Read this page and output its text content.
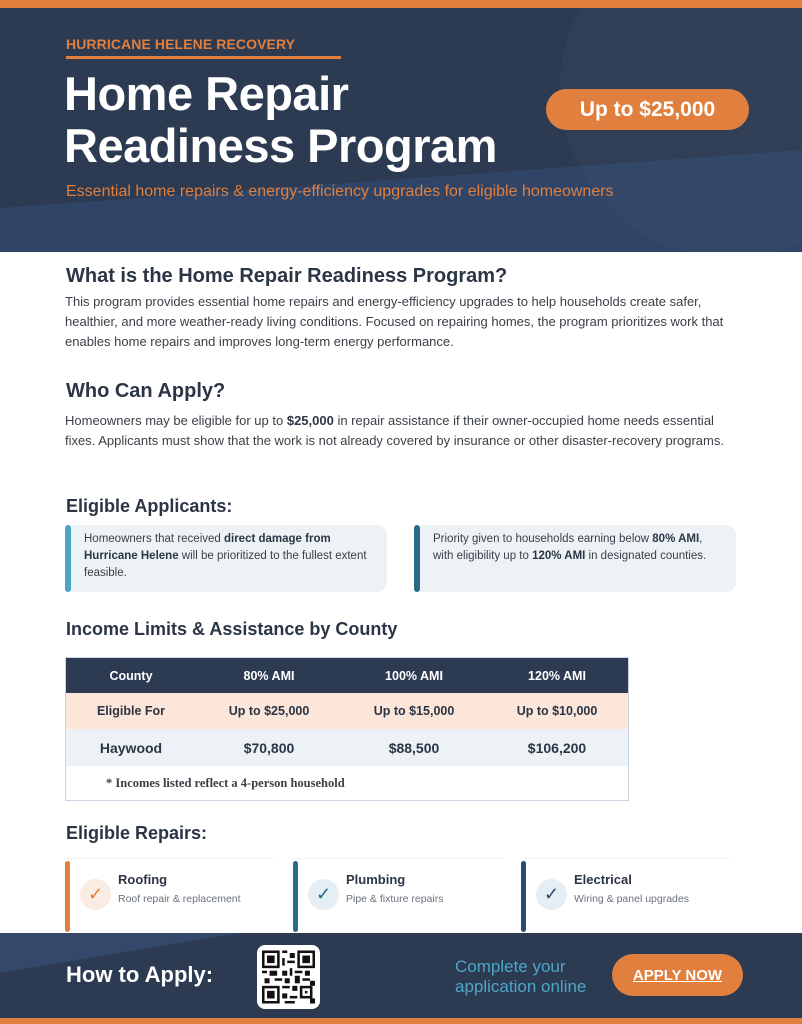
HURRICANE HELENE RECOVERY
Home Repair
Readiness Program
Up to $25,000
Essential home repairs & energy-efficiency upgrades for eligible homeowners
What is the Home Repair Readiness Program?

This program provides essential home repairs and energy-efficiency upgrades to help households create safer, healthier, and more weather-ready living conditions. Focused on repairing homes, the program prioritizes work that enables home repairs and improves long-term energy performance.

Who Can Apply?

Homeowners may be eligible for up to $25,000 in repair assistance if their owner-occupied home needs essential fixes. Applicants must show that the work is not already covered by insurance or other disaster-recovery programs.

Eligible Applicants:
Homeowners that received direct damage from Hurricane Helene will be prioritized to the fullest extent feasible.
Priority given to households earning below 80% AMI, with eligibility up to 120% AMI in designated counties.
Income Limits & Assistance by County
County	80% AMI	100% AMI	120% AMI
Eligible For	Up to $25,000	Up to $15,000	Up to $10,000
Haywood	$70,800	$88,500	$106,200
* Incomes listed reflect a 4-person household
Eligible Repairs:
✓
Roofing
Roof repair & replacement	✓
Plumbing
Pipe & fixture repairs	✓
Electrical
Wiring & panel upgrades
How to Apply:	Complete your
application online
APPLY NOW
